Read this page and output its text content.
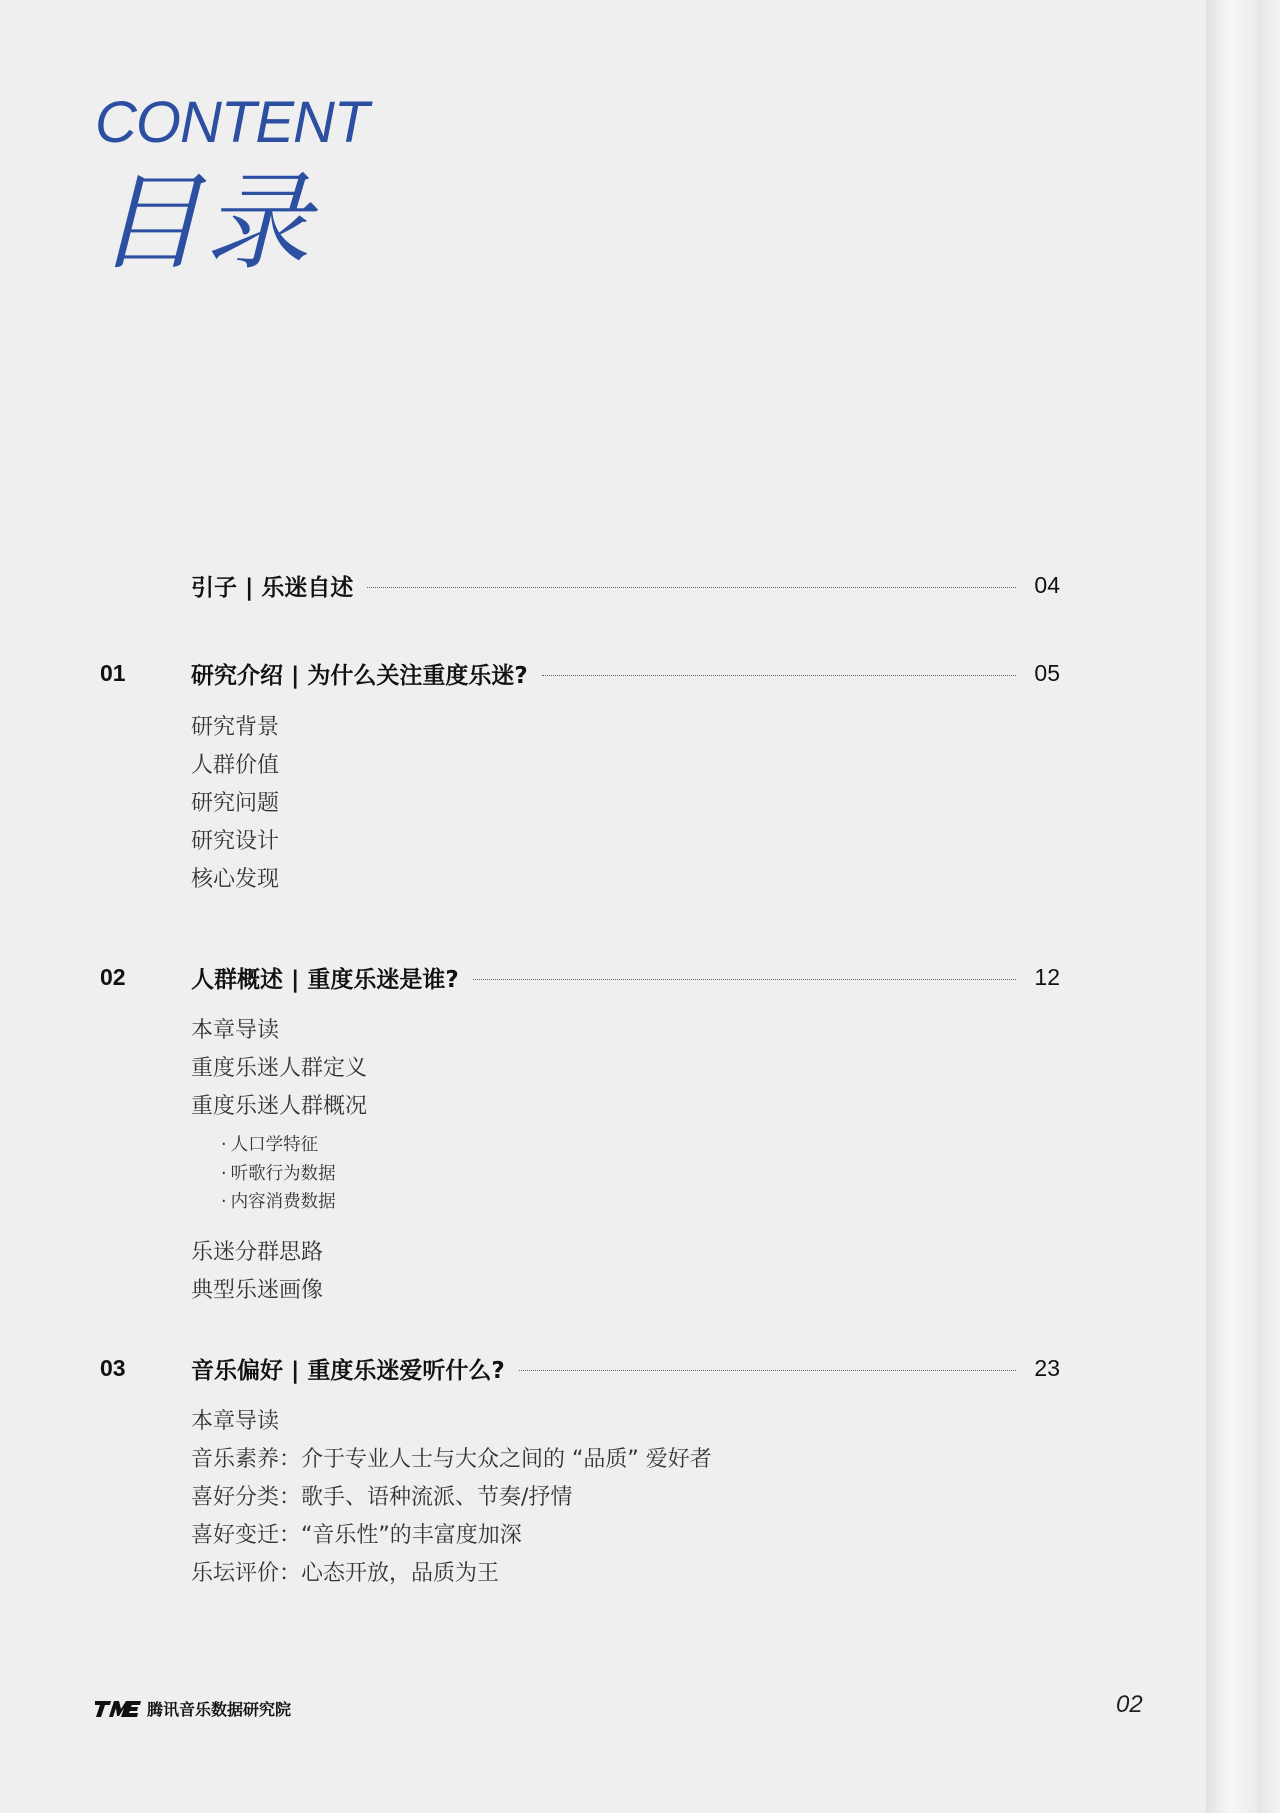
CONTENT
目录
引子 | 乐迷自述	04
01	研究介绍 | 为什么关注重度乐迷?	05
研究背景
人群价值
研究问题
研究设计
核心发现
02	人群概述 | 重度乐迷是谁?	12
本章导读
重度乐迷人群定义
重度乐迷人群概况
· 人口学特征
· 听歌行为数据
· 内容消费数据
乐迷分群思路
典型乐迷画像
03	音乐偏好 | 重度乐迷爱听什么?	23
本章导读
音乐素养：介于专业人士与大众之间的 “品质” 爱好者
喜好分类：歌手、语种流派、节奏/抒情
喜好变迁：“音乐性”的丰富度加深
乐坛评价：心态开放，品质为王
腾讯音乐数据研究院	02
